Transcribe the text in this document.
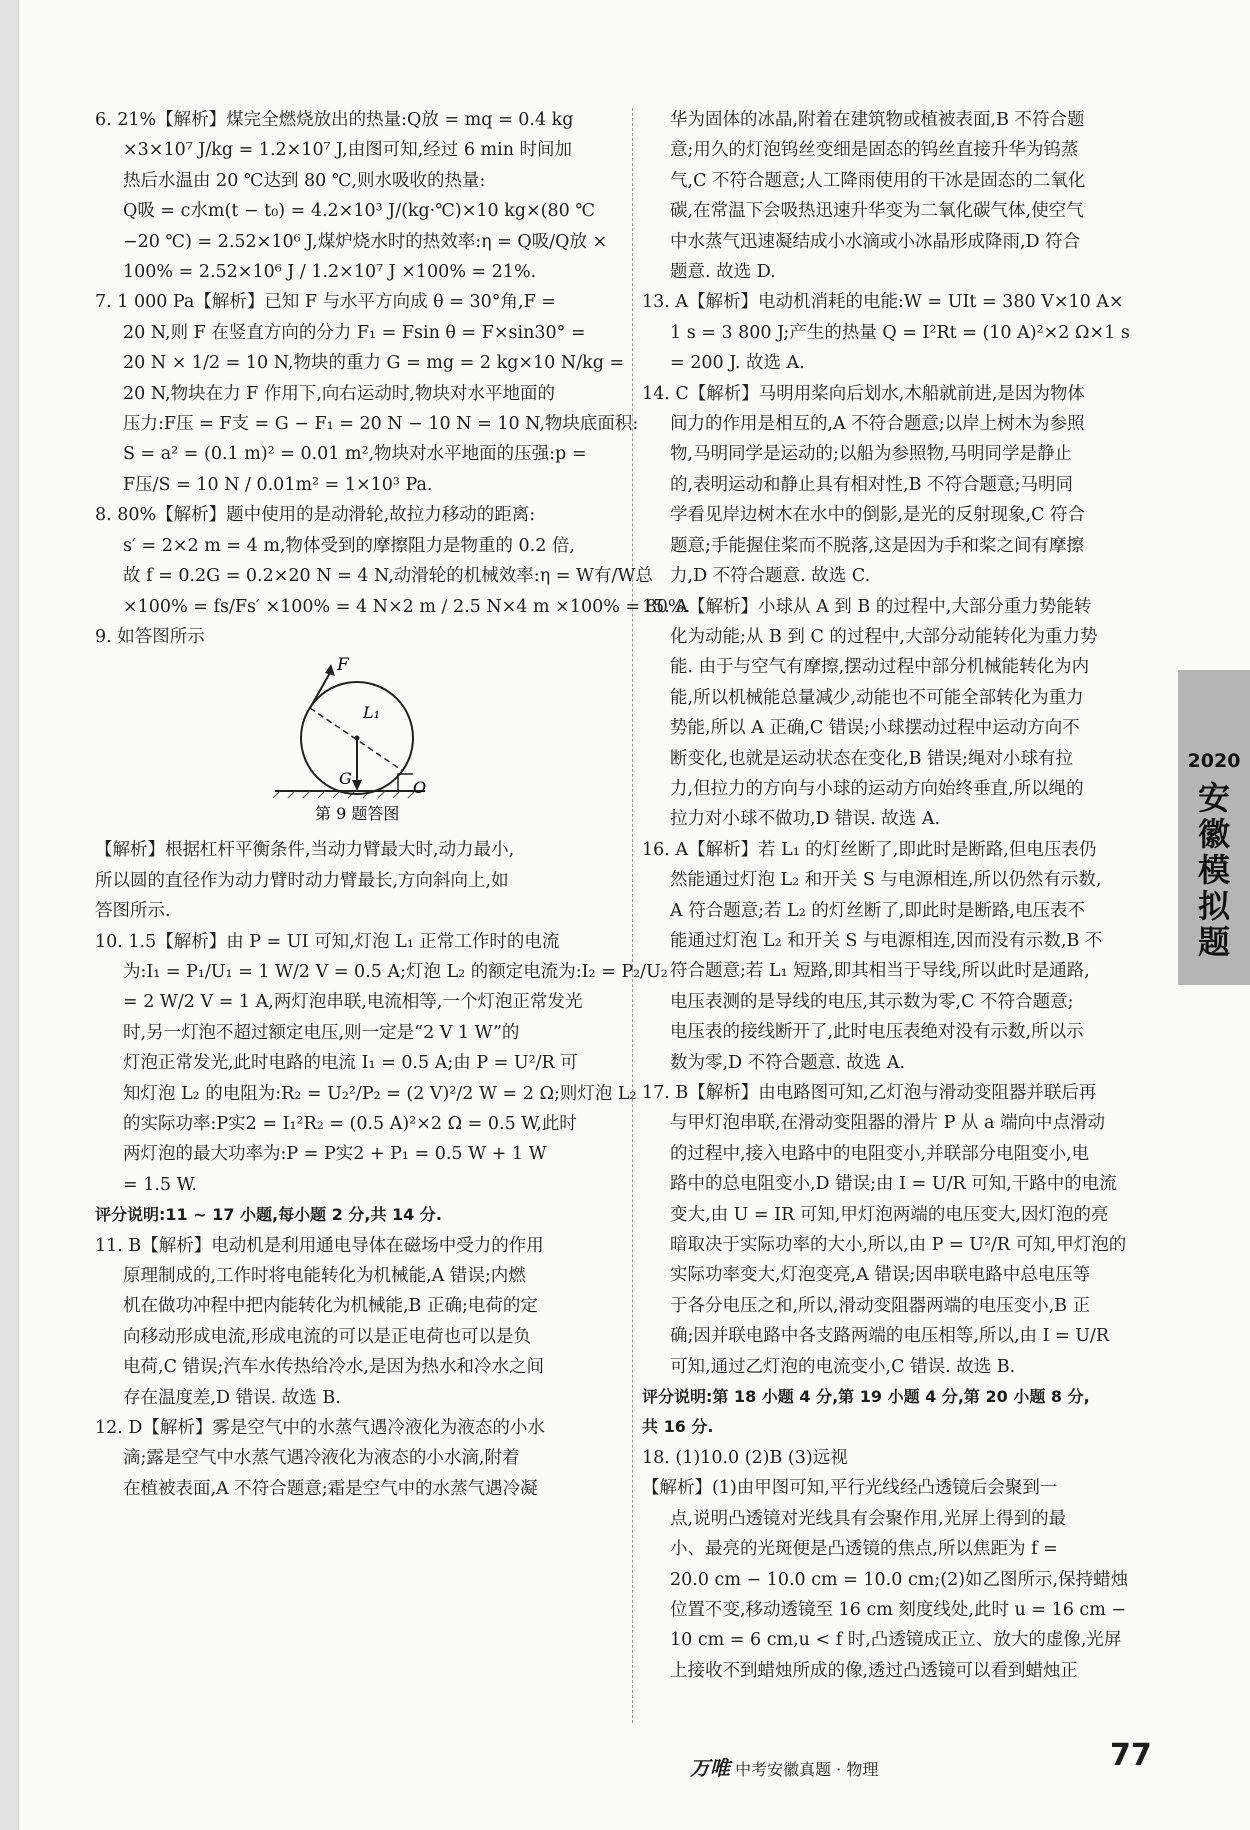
6. 21%【解析】煤完全燃烧放出的热量:Q放 = mq = 0.4 kg
×3×10⁷ J/kg = 1.2×10⁷ J,由图可知,经过 6 min 时间加
热后水温由 20 ℃达到 80 ℃,则水吸收的热量:
Q吸 = c水m(t − t₀) = 4.2×10³ J/(kg·℃)×10 kg×(80 ℃
−20 ℃) = 2.52×10⁶ J,煤炉烧水时的热效率:η = Q吸/Q放 ×
100% = 2.52×10⁶ J / 1.2×10⁷ J ×100% = 21%.
7. 1 000 Pa【解析】已知 F 与水平方向成 θ = 30°角,F =
20 N,则 F 在竖直方向的分力 F₁ = Fsin θ = F×sin30° =
20 N × 1/2 = 10 N,物块的重力 G = mg = 2 kg×10 N/kg =
20 N,物块在力 F 作用下,向右运动时,物块对水平地面的
压力:F压 = F支 = G − F₁ = 20 N − 10 N = 10 N,物块底面积:
S = a² = (0.1 m)² = 0.01 m²,物块对水平地面的压强:p =
F压/S = 10 N / 0.01m² = 1×10³ Pa.
8. 80%【解析】题中使用的是动滑轮,故拉力移动的距离:
s′ = 2×2 m = 4 m,物体受到的摩擦阻力是物重的 0.2 倍,
故 f = 0.2G = 0.2×20 N = 4 N,动滑轮的机械效率:η = W有/W总
×100% = fs/Fs′ ×100% = 4 N×2 m / 2.5 N×4 m ×100% = 80%.
9. 如答图所示
F
L₁
G	O
第 9 题答图
【解析】根据杠杆平衡条件,当动力臂最大时,动力最小,
所以圆的直径作为动力臂时动力臂最长,方向斜向上,如
答图所示.
10. 1.5【解析】由 P = UI 可知,灯泡 L₁ 正常工作时的电流
为:I₁ = P₁/U₁ = 1 W/2 V = 0.5 A;灯泡 L₂ 的额定电流为:I₂ = P₂/U₂
= 2 W/2 V = 1 A,两灯泡串联,电流相等,一个灯泡正常发光
时,另一灯泡不超过额定电压,则一定是“2 V 1 W”的
灯泡正常发光,此时电路的电流 I₁ = 0.5 A;由 P = U²/R 可
知灯泡 L₂ 的电阻为:R₂ = U₂²/P₂ = (2 V)²/2 W = 2 Ω;则灯泡 L₂
的实际功率:P实2 = I₁²R₂ = (0.5 A)²×2 Ω = 0.5 W,此时
两灯泡的最大功率为:P = P实2 + P₁ = 0.5 W + 1 W
= 1.5 W.
评分说明:11 ~ 17 小题,每小题 2 分,共 14 分.
11. B【解析】电动机是利用通电导体在磁场中受力的作用
原理制成的,工作时将电能转化为机械能,A 错误;内燃
机在做功冲程中把内能转化为机械能,B 正确;电荷的定
向移动形成电流,形成电流的可以是正电荷也可以是负
电荷,C 错误;汽车水传热给冷水,是因为热水和冷水之间
存在温度差,D 错误. 故选 B.
12. D【解析】雾是空气中的水蒸气遇冷液化为液态的小水
滴;露是空气中水蒸气遇冷液化为液态的小水滴,附着
在植被表面,A 不符合题意;霜是空气中的水蒸气遇冷凝
华为固体的冰晶,附着在建筑物或植被表面,B 不符合题
意;用久的灯泡钨丝变细是固态的钨丝直接升华为钨蒸
气,C 不符合题意;人工降雨使用的干冰是固态的二氧化
碳,在常温下会吸热迅速升华变为二氧化碳气体,使空气
中水蒸气迅速凝结成小水滴或小冰晶形成降雨,D 符合
题意. 故选 D.
13. A【解析】电动机消耗的电能:W = UIt = 380 V×10 A×
1 s = 3 800 J;产生的热量 Q = I²Rt = (10 A)²×2 Ω×1 s
= 200 J. 故选 A.
14. C【解析】马明用桨向后划水,木船就前进,是因为物体
间力的作用是相互的,A 不符合题意;以岸上树木为参照
物,马明同学是运动的;以船为参照物,马明同学是静止
的,表明运动和静止具有相对性,B 不符合题意;马明同
学看见岸边树木在水中的倒影,是光的反射现象,C 符合
题意;手能握住桨而不脱落,这是因为手和桨之间有摩擦
力,D 不符合题意. 故选 C.
15. A【解析】小球从 A 到 B 的过程中,大部分重力势能转
化为动能;从 B 到 C 的过程中,大部分动能转化为重力势
能. 由于与空气有摩擦,摆动过程中部分机械能转化为内
能,所以机械能总量减少,动能也不可能全部转化为重力
势能,所以 A 正确,C 错误;小球摆动过程中运动方向不
断变化,也就是运动状态在变化,B 错误;绳对小球有拉
力,但拉力的方向与小球的运动方向始终垂直,所以绳的
拉力对小球不做功,D 错误. 故选 A.
16. A【解析】若 L₁ 的灯丝断了,即此时是断路,但电压表仍
然能通过灯泡 L₂ 和开关 S 与电源相连,所以仍然有示数,
A 符合题意;若 L₂ 的灯丝断了,即此时是断路,电压表不
能通过灯泡 L₂ 和开关 S 与电源相连,因而没有示数,B 不
符合题意;若 L₁ 短路,即其相当于导线,所以此时是通路,
电压表测的是导线的电压,其示数为零,C 不符合题意;
电压表的接线断开了,此时电压表绝对没有示数,所以示
数为零,D 不符合题意. 故选 A.
17. B【解析】由电路图可知,乙灯泡与滑动变阻器并联后再
与甲灯泡串联,在滑动变阻器的滑片 P 从 a 端向中点滑动
的过程中,接入电路中的电阻变小,并联部分电阻变小,电
路中的总电阻变小,D 错误;由 I = U/R 可知,干路中的电流
变大,由 U = IR 可知,甲灯泡两端的电压变大,因灯泡的亮
暗取决于实际功率的大小,所以,由 P = U²/R 可知,甲灯泡的
实际功率变大,灯泡变亮,A 错误;因串联电路中总电压等
于各分电压之和,所以,滑动变阻器两端的电压变小,B 正
确;因并联电路中各支路两端的电压相等,所以,由 I = U/R
可知,通过乙灯泡的电流变小,C 错误. 故选 B.
评分说明:第 18 小题 4 分,第 19 小题 4 分,第 20 小题 8 分,
共 16 分.
18. (1)10.0 (2)B (3)远视
【解析】(1)由甲图可知,平行光线经凸透镜后会聚到一
点,说明凸透镜对光线具有会聚作用,光屏上得到的最
小、最亮的光斑便是凸透镜的焦点,所以焦距为 f =
20.0 cm − 10.0 cm = 10.0 cm;(2)如乙图所示,保持蜡烛
位置不变,移动透镜至 16 cm 刻度线处,此时 u = 16 cm −
10 cm = 6 cm,u < f 时,凸透镜成正立、放大的虚像,光屏
上接收不到蜡烛所成的像,透过凸透镜可以看到蜡烛正
2020
安徽模拟题
万唯 中考安徽真题 · 物理	77
